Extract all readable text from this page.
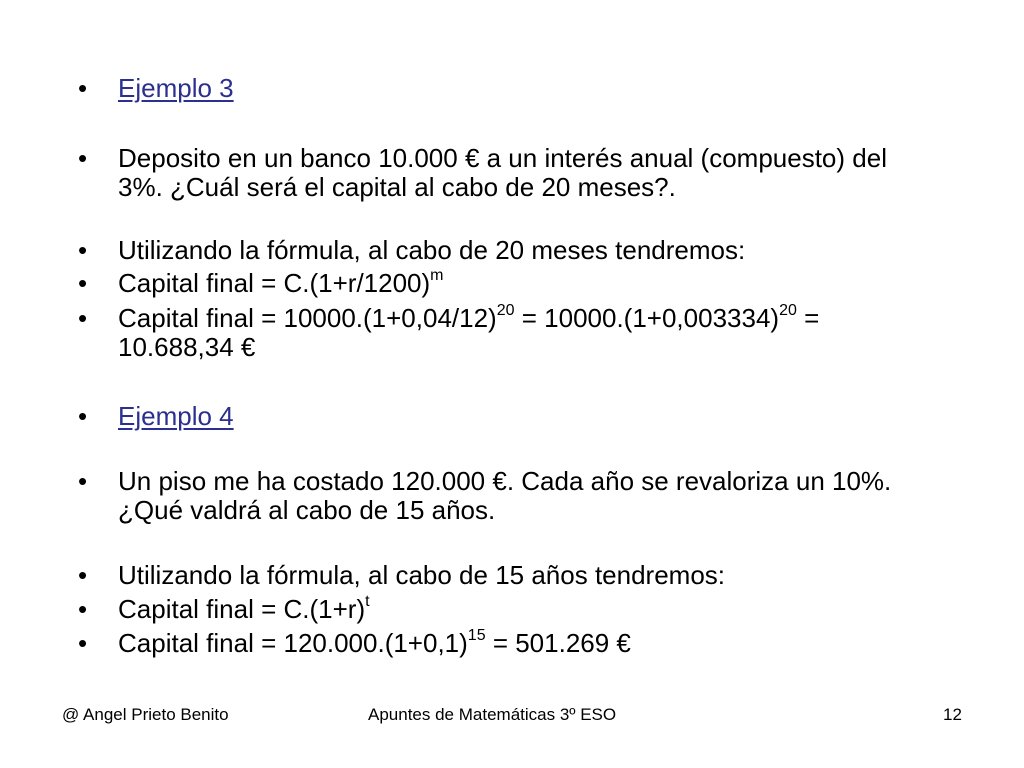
•	Ejemplo 3
•	Deposito en un banco 10.000 € a un interés anual (compuesto) del 3%. ¿Cuál será el capital al cabo de 20 meses?.
•	Utilizando la fórmula, al cabo de 20 meses tendremos:
•	Capital final = $C.(1+r/1200)^m$
•	Capital final = $10000.(1+0,04/12)^{20} = 10000.(1+0,003334)^{20} = 10.688,34$ €
•	Ejemplo 4
•	Un piso me ha costado 120.000 €. Cada año se revaloriza un 10%.¿Qué valdrá al cabo de 15 años.
•	Utilizando la fórmula, al cabo de 15 años tendremos:
•	Capital final = $C.(1+r)^t$
•	Capital final = $120.000.(1+0,1)^{15} = 501.269$ €
@ Angel Prieto Benito	Apuntes de Matemáticas 3º ESO	12
